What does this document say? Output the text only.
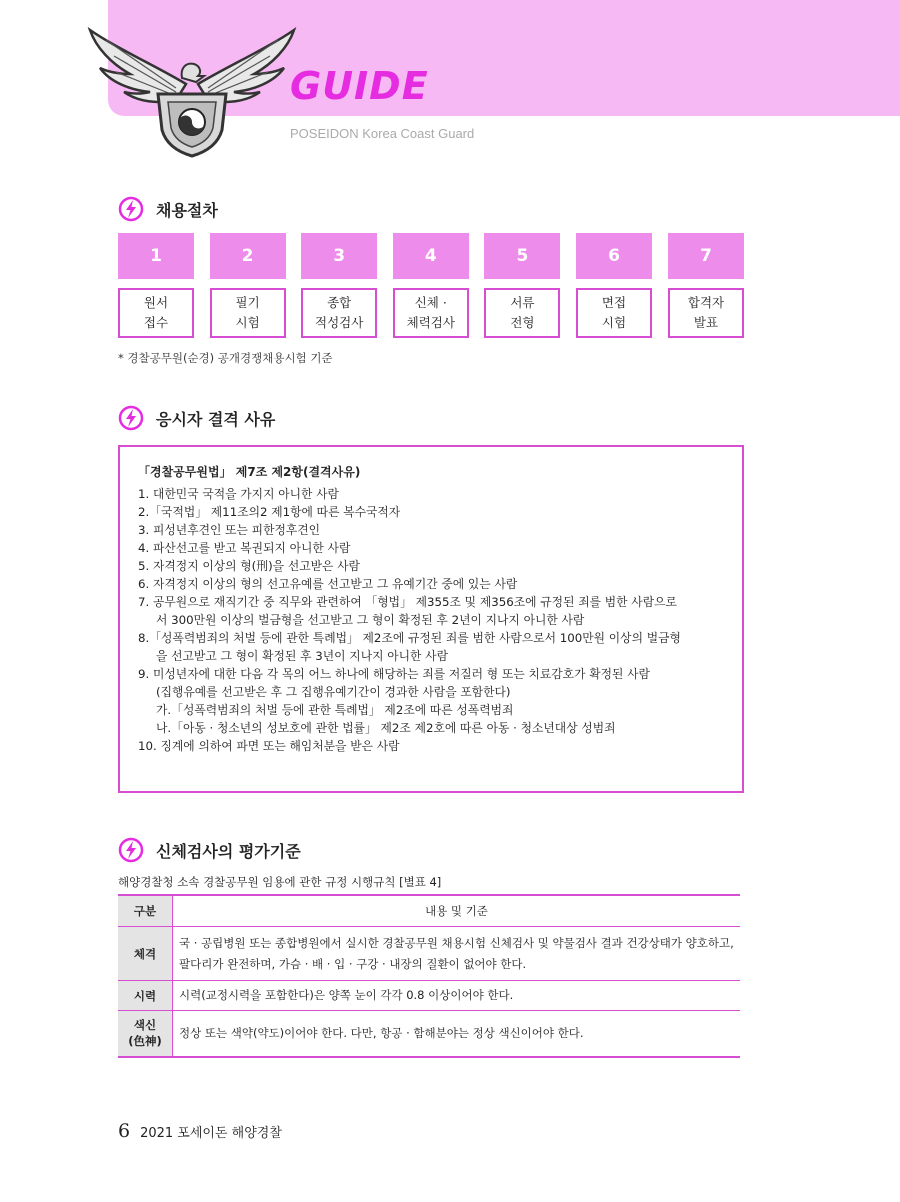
GUIDE
POSEIDON Korea Coast Guard
채용절차
1
원서
접수
2
필기
시험
3
종합
적성검사
4
신체 ·
체력검사
5
서류
전형
6
면접
시험
7
합격자
발표
* 경찰공무원(순경) 공개경쟁채용시험 기준
응시자 결격 사유
「경찰공무원법」 제7조 제2항(결격사유)
1. 대한민국 국적을 가지지 아니한 사람
2.「국적법」 제11조의2 제1항에 따른 복수국적자
3. 피성년후견인 또는 피한정후견인
4. 파산선고를 받고 복권되지 아니한 사람
5. 자격정지 이상의 형(刑)을 선고받은 사람
6. 자격정지 이상의 형의 선고유예를 선고받고 그 유예기간 중에 있는 사람
7. 공무원으로 재직기간 중 직무와 관련하여 「형법」 제355조 및 제356조에 규정된 죄를 범한 사람으로
서 300만원 이상의 벌금형을 선고받고 그 형이 확정된 후 2년이 지나지 아니한 사람
8.「성폭력범죄의 처벌 등에 관한 특례법」 제2조에 규정된 죄를 범한 사람으로서 100만원 이상의 벌금형
을 선고받고 그 형이 확정된 후 3년이 지나지 아니한 사람
9. 미성년자에 대한 다음 각 목의 어느 하나에 해당하는 죄를 저질러 형 또는 치료감호가 확정된 사람
(집행유예를 선고받은 후 그 집행유예기간이 경과한 사람을 포함한다)
가.「성폭력범죄의 처벌 등에 관한 특례법」 제2조에 따른 성폭력범죄
나.「아동 · 청소년의 성보호에 관한 법률」 제2조 제2호에 따른 아동 · 청소년대상 성범죄
10. 징계에 의하여 파면 또는 해임처분을 받은 사람
신체검사의 평가기준
해양경찰청 소속 경찰공무원 임용에 관한 규정 시행규칙 [별표 4]
구분	내용 및 기준
체격	국 · 공립병원 또는 종합병원에서 실시한 경찰공무원 채용시험 신체검사 및 약물검사 결과 건강상태가 양호하고, 팔다리가 완전하며, 가슴 · 배 · 입 · 구강 · 내장의 질환이 없어야 한다.
시력	시력(교정시력을 포함한다)은 양쪽 눈이 각각 0.8 이상이어야 한다.
색신
(色神)	정상 또는 색약(약도)이어야 한다. 다만, 항공 · 함해분야는 정상 색신이어야 한다.
6 2021 포세이돈 해양경찰
